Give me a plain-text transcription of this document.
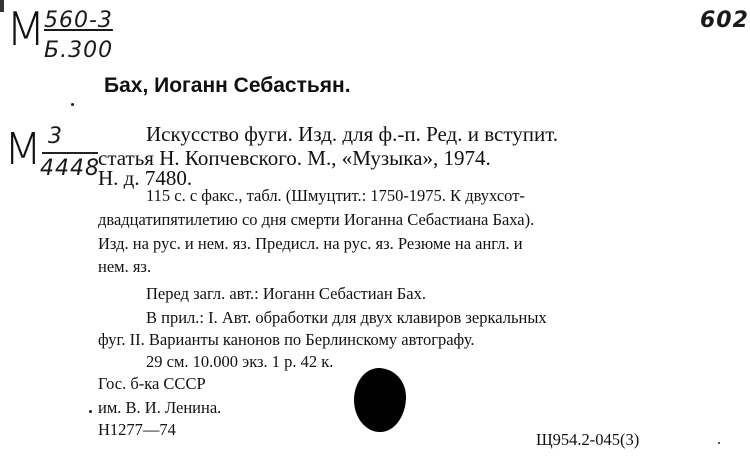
М
560-3
Б.300
602
Бах, Иоганн Себастьян.
М 3
4448
Искусство фуги. Изд. для ф.-п. Ред. и вступит.
статья Н. Копчевского. М., «Музыка», 1974.
Н. д. 7480.
115 с. с факс., табл. (Шмуцтит.: 1750-1975. К двухсот-
двадцатипятилетию со дня смерти Иоганна Себастиана Баха).
Изд. на рус. и нем. яз. Предисл. на рус. яз. Резюме на англ. и
нем. яз.
Перед загл. авт.: Иоганн Себастиан Бах.
В прил.: I. Авт. обработки для двух клавиров зеркальных
фуг. II. Варианты канонов по Берлинскому автографу.
29 см. 10.000 экз. 1 р. 42 к.
Гос. б-ка СССР
им. В. И. Ленина.
Н1277—74
Щ954.2-045(3)
